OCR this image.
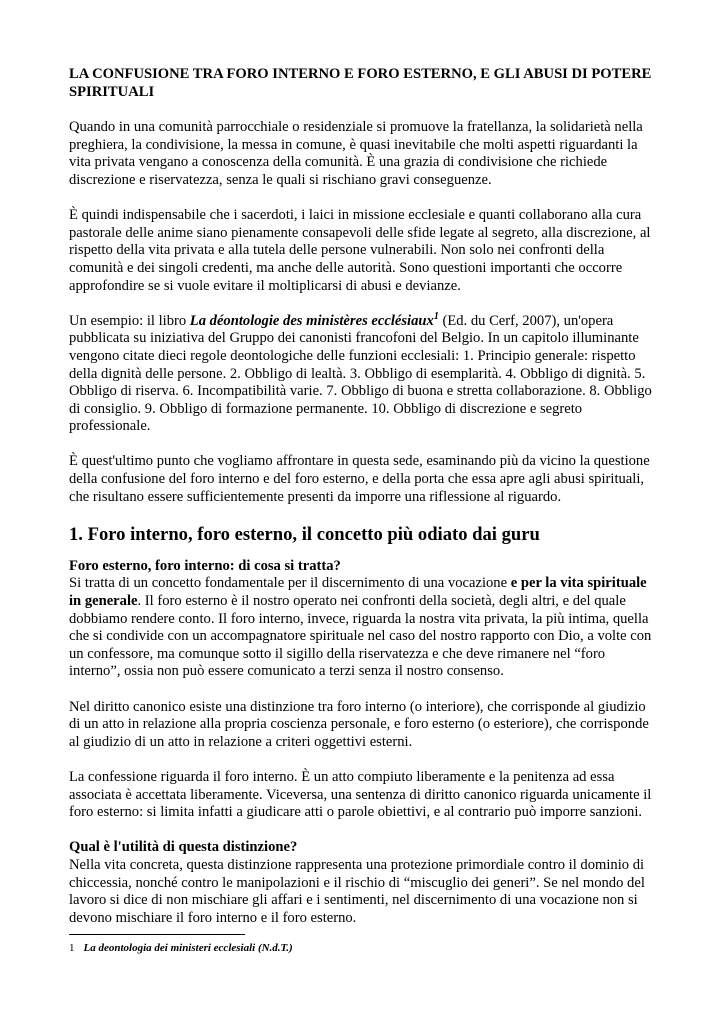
LA CONFUSIONE TRA FORO INTERNO E FORO ESTERNO, E GLI ABUSI DI POTERE SPIRITUALI

Quando in una comunità parrocchiale o residenziale si promuove la fratellanza, la solidarietà nella preghiera, la condivisione, la messa in comune, è quasi inevitabile che molti aspetti riguardanti la vita privata vengano a conoscenza della comunità. È una grazia di condivisione che richiede discrezione e riservatezza, senza le quali si rischiano gravi conseguenze.

È quindi indispensabile che i sacerdoti, i laici in missione ecclesiale e quanti collaborano alla cura pastorale delle anime siano pienamente consapevoli delle sfide legate al segreto, alla discrezione, al rispetto della vita privata e alla tutela delle persone vulnerabili. Non solo nei confronti della comunità e dei singoli credenti, ma anche delle autorità. Sono questioni importanti che occorre approfondire se si vuole evitare il moltiplicarsi di abusi e devianze.

Un esempio: il libro La déontologie des ministères ecclésiaux$^1$ (Ed. du Cerf, 2007), un'opera pubblicata su iniziativa del Gruppo dei canonisti francofoni del Belgio. In un capitolo illuminante vengono citate dieci regole deontologiche delle funzioni ecclesiali: 1. Principio generale: rispetto della dignità delle persone. 2. Obbligo di lealtà. 3. Obbligo di esemplarità. 4. Obbligo di dignità. 5. Obbligo di riserva. 6. Incompatibilità varie. 7. Obbligo di buona e stretta collaborazione. 8. Obbligo di consiglio. 9. Obbligo di formazione permanente. 10. Obbligo di discrezione e segreto professionale.

È quest'ultimo punto che vogliamo affrontare in questa sede, esaminando più da vicino la questione della confusione del foro interno e del foro esterno, e della porta che essa apre agli abusi spirituali, che risultano essere sufficientemente presenti da imporre una riflessione al riguardo.

1. Foro interno, foro esterno, il concetto più odiato dai guru

Foro esterno, foro interno: di cosa si tratta?
Si tratta di un concetto fondamentale per il discernimento di una vocazione e per la vita spirituale in generale. Il foro esterno è il nostro operato nei confronti della società, degli altri, e del quale dobbiamo rendere conto. Il foro interno, invece, riguarda la nostra vita privata, la più intima, quella che si condivide con un accompagnatore spirituale nel caso del nostro rapporto con Dio, a volte con un confessore, ma comunque sotto il sigillo della riservatezza e che deve rimanere nel “foro interno”, ossia non può essere comunicato a terzi senza il nostro consenso.

Nel diritto canonico esiste una distinzione tra foro interno (o interiore), che corrisponde al giudizio di un atto in relazione alla propria coscienza personale, e foro esterno (o esteriore), che corrisponde al giudizio di un atto in relazione a criteri oggettivi esterni.

La confessione riguarda il foro interno. È un atto compiuto liberamente e la penitenza ad essa associata è accettata liberamente. Viceversa, una sentenza di diritto canonico riguarda unicamente il foro esterno: si limita infatti a giudicare atti o parole obiettivi, e al contrario può imporre sanzioni.

Qual è l'utilità di questa distinzione?
Nella vita concreta, questa distinzione rappresenta una protezione primordiale contro il dominio di chiccessia, nonché contro le manipolazioni e il rischio di “miscuglio dei generi”. Se nel mondo del lavoro si dice di non mischiare gli affari e i sentimenti, nel discernimento di una vocazione non si devono mischiare il foro interno e il foro esterno.

1 La deontologia dei ministeri ecclesiali (N.d.T.)
